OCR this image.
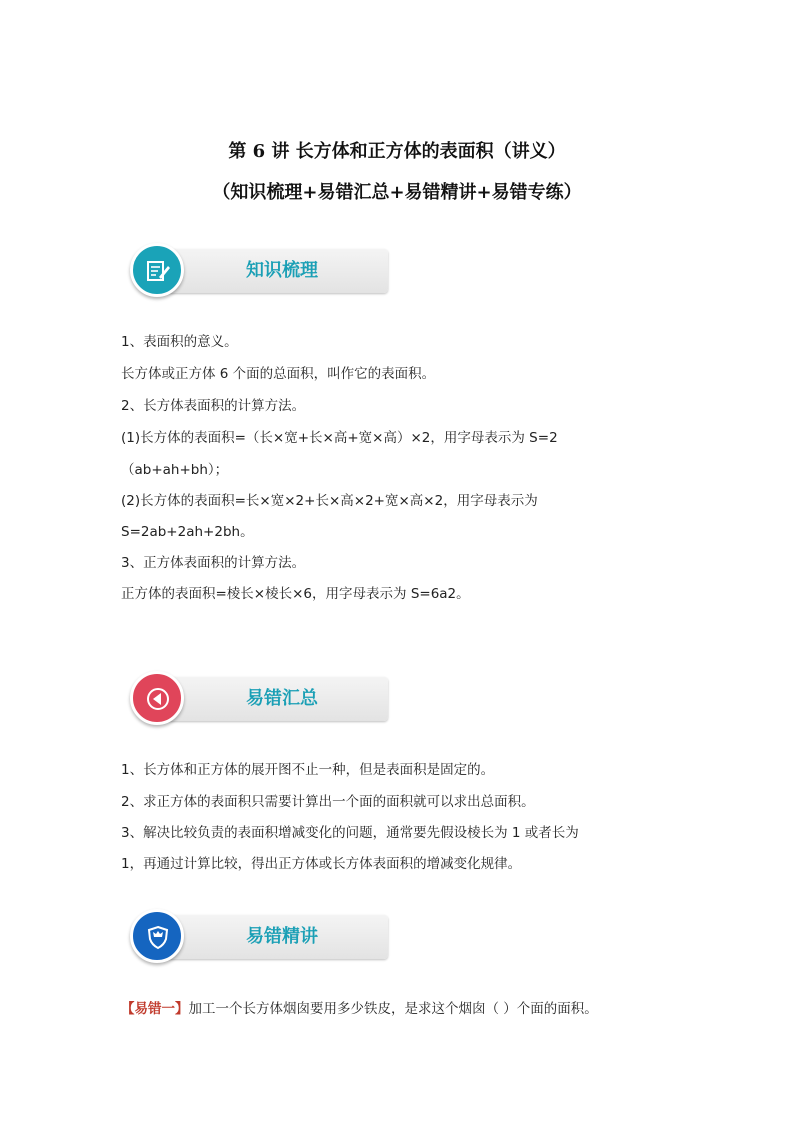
第 6 讲 长方体和正方体的表面积（讲义）
（知识梳理+易错汇总+易错精讲+易错专练）
知识梳理
1、表面积的意义。
长方体或正方体 6 个面的总面积，叫作它的表面积。
2、长方体表面积的计算方法。
(1)长方体的表面积=（长×宽+长×高+宽×高）×2，用字母表示为 S=2
（ab+ah+bh）；
(2)长方体的表面积=长×宽×2+长×高×2+宽×高×2，用字母表示为
S=2ab+2ah+2bh。
3、正方体表面积的计算方法。
正方体的表面积=棱长×棱长×6，用字母表示为 S=6a2。
易错汇总
1、长方体和正方体的展开图不止一种，但是表面积是固定的。
2、求正方体的表面积只需要计算出一个面的面积就可以求出总面积。
3、解决比较负责的表面积增减变化的问题，通常要先假设棱长为 1 或者长为
1，再通过计算比较，得出正方体或长方体表面积的增减变化规律。
易错精讲
【易错一】加工一个长方体烟囱要用多少铁皮，是求这个烟囱（ ）个面的面积。
